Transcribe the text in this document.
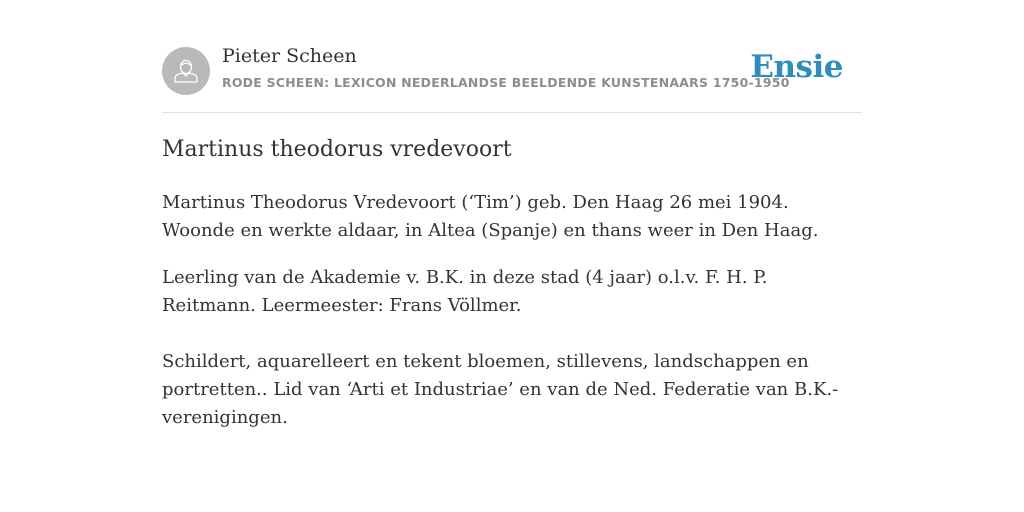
Pieter Scheen
RODE SCHEEN: LEXICON NEDERLANDSE BEELDENDE KUNSTENAARS 1750-1950
Ensie
Martinus theodorus vredevoort

Martinus Theodorus Vredevoort (‘Tim’) geb. Den Haag 26 mei 1904. Woonde en werkte aldaar, in Altea (Spanje) en thans weer in Den Haag.

Leerling van de Akademie v. B.K. in deze stad (4 jaar) o.l.v. F. H. P. Reitmann. Leermeester: Frans Völlmer.

Schildert, aquarelleert en tekent bloemen, stillevens, landschappen en portretten.. Lid van ‘Arti et Industriae’ en van de Ned. Federatie van B.K.-verenigingen.
